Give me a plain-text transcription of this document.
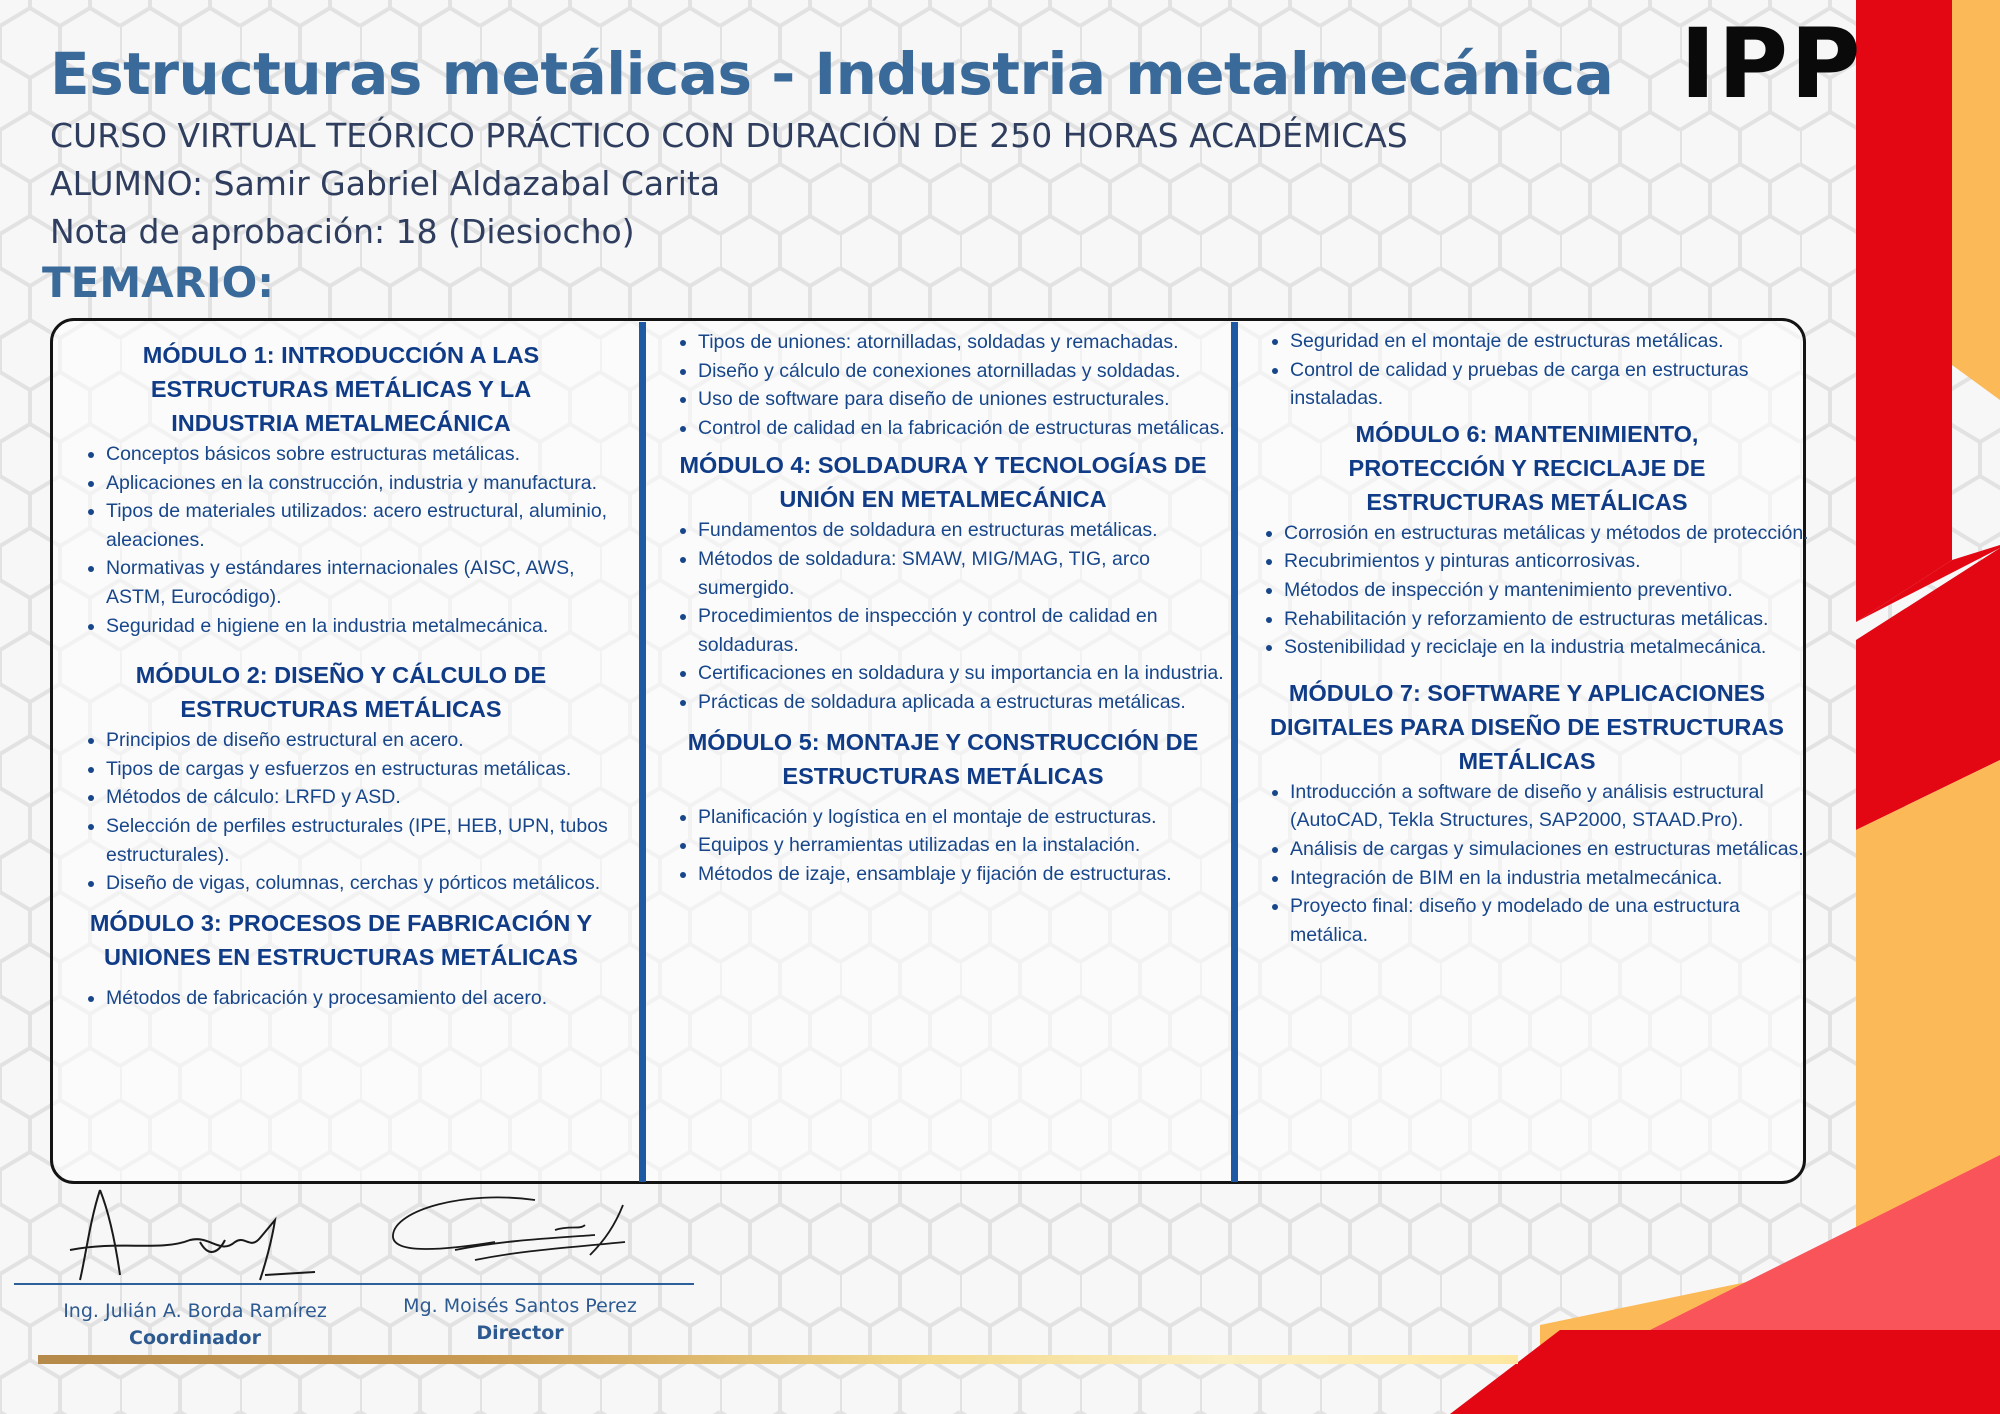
Estructuras metálicas - Industria metalmecánica

CURSO VIRTUAL TEÓRICO PRÁCTICO CON DURACIÓN DE 250 HORAS ACADÉMICAS

ALUMNO: Samir Gabriel Aldazabal Carita

Nota de aprobación: 18 (Diesiocho)

IPP
TEMARIO:
MÓDULO 1: INTRODUCCIÓN A LAS ESTRUCTURAS METÁLICAS Y LA INDUSTRIA METALMECÁNICA
• Conceptos básicos sobre estructuras metálicas.
• Aplicaciones en la construcción, industria y manufactura.
• Tipos de materiales utilizados: acero estructural, aluminio, aleaciones.
• Normativas y estándares internacionales (AISC, AWS, ASTM, Eurocódigo).
• Seguridad e higiene en la industria metalmecánica.
MÓDULO 2: DISEÑO Y CÁLCULO DE ESTRUCTURAS METÁLICAS
• Principios de diseño estructural en acero.
• Tipos de cargas y esfuerzos en estructuras metálicas.
• Métodos de cálculo: LRFD y ASD.
• Selección de perfiles estructurales (IPE, HEB, UPN, tubos estructurales).
• Diseño de vigas, columnas, cerchas y pórticos metálicos.
MÓDULO 3: PROCESOS DE FABRICACIÓN Y UNIONES EN ESTRUCTURAS METÁLICAS
• Métodos de fabricación y procesamiento del acero.
• Tipos de uniones: atornilladas, soldadas y remachadas.
• Diseño y cálculo de conexiones atornilladas y soldadas.
• Uso de software para diseño de uniones estructurales.
• Control de calidad en la fabricación de estructuras metálicas.
MÓDULO 4: SOLDADURA Y TECNOLOGÍAS DE UNIÓN EN METALMECÁNICA
• Fundamentos de soldadura en estructuras metálicas.
• Métodos de soldadura: SMAW, MIG/MAG, TIG, arco sumergido.
• Procedimientos de inspección y control de calidad en soldaduras.
• Certificaciones en soldadura y su importancia en la industria.
• Prácticas de soldadura aplicada a estructuras metálicas.
MÓDULO 5: MONTAJE Y CONSTRUCCIÓN DE ESTRUCTURAS METÁLICAS
• Planificación y logística en el montaje de estructuras.
• Equipos y herramientas utilizadas en la instalación.
• Métodos de izaje, ensamblaje y fijación de estructuras.
• Seguridad en el montaje de estructuras metálicas.
• Control de calidad y pruebas de carga en estructuras instaladas.
MÓDULO 6: MANTENIMIENTO, PROTECCIÓN Y RECICLAJE DE ESTRUCTURAS METÁLICAS
• Corrosión en estructuras metálicas y métodos de protección.
• Recubrimientos y pinturas anticorrosivas.
• Métodos de inspección y mantenimiento preventivo.
• Rehabilitación y reforzamiento de estructuras metálicas.
• Sostenibilidad y reciclaje en la industria metalmecánica.
MÓDULO 7: SOFTWARE Y APLICACIONES DIGITALES PARA DISEÑO DE ESTRUCTURAS METÁLICAS
• Introducción a software de diseño y análisis estructural (AutoCAD, Tekla Structures, SAP2000, STAAD.Pro).
• Análisis de cargas y simulaciones en estructuras metálicas.
• Integración de BIM en la industria metalmecánica.
• Proyecto final: diseño y modelado de una estructura metálica.
Ing. Julián A. Borda Ramírez
Coordinador
Mg. Moisés Santos Perez
Director
